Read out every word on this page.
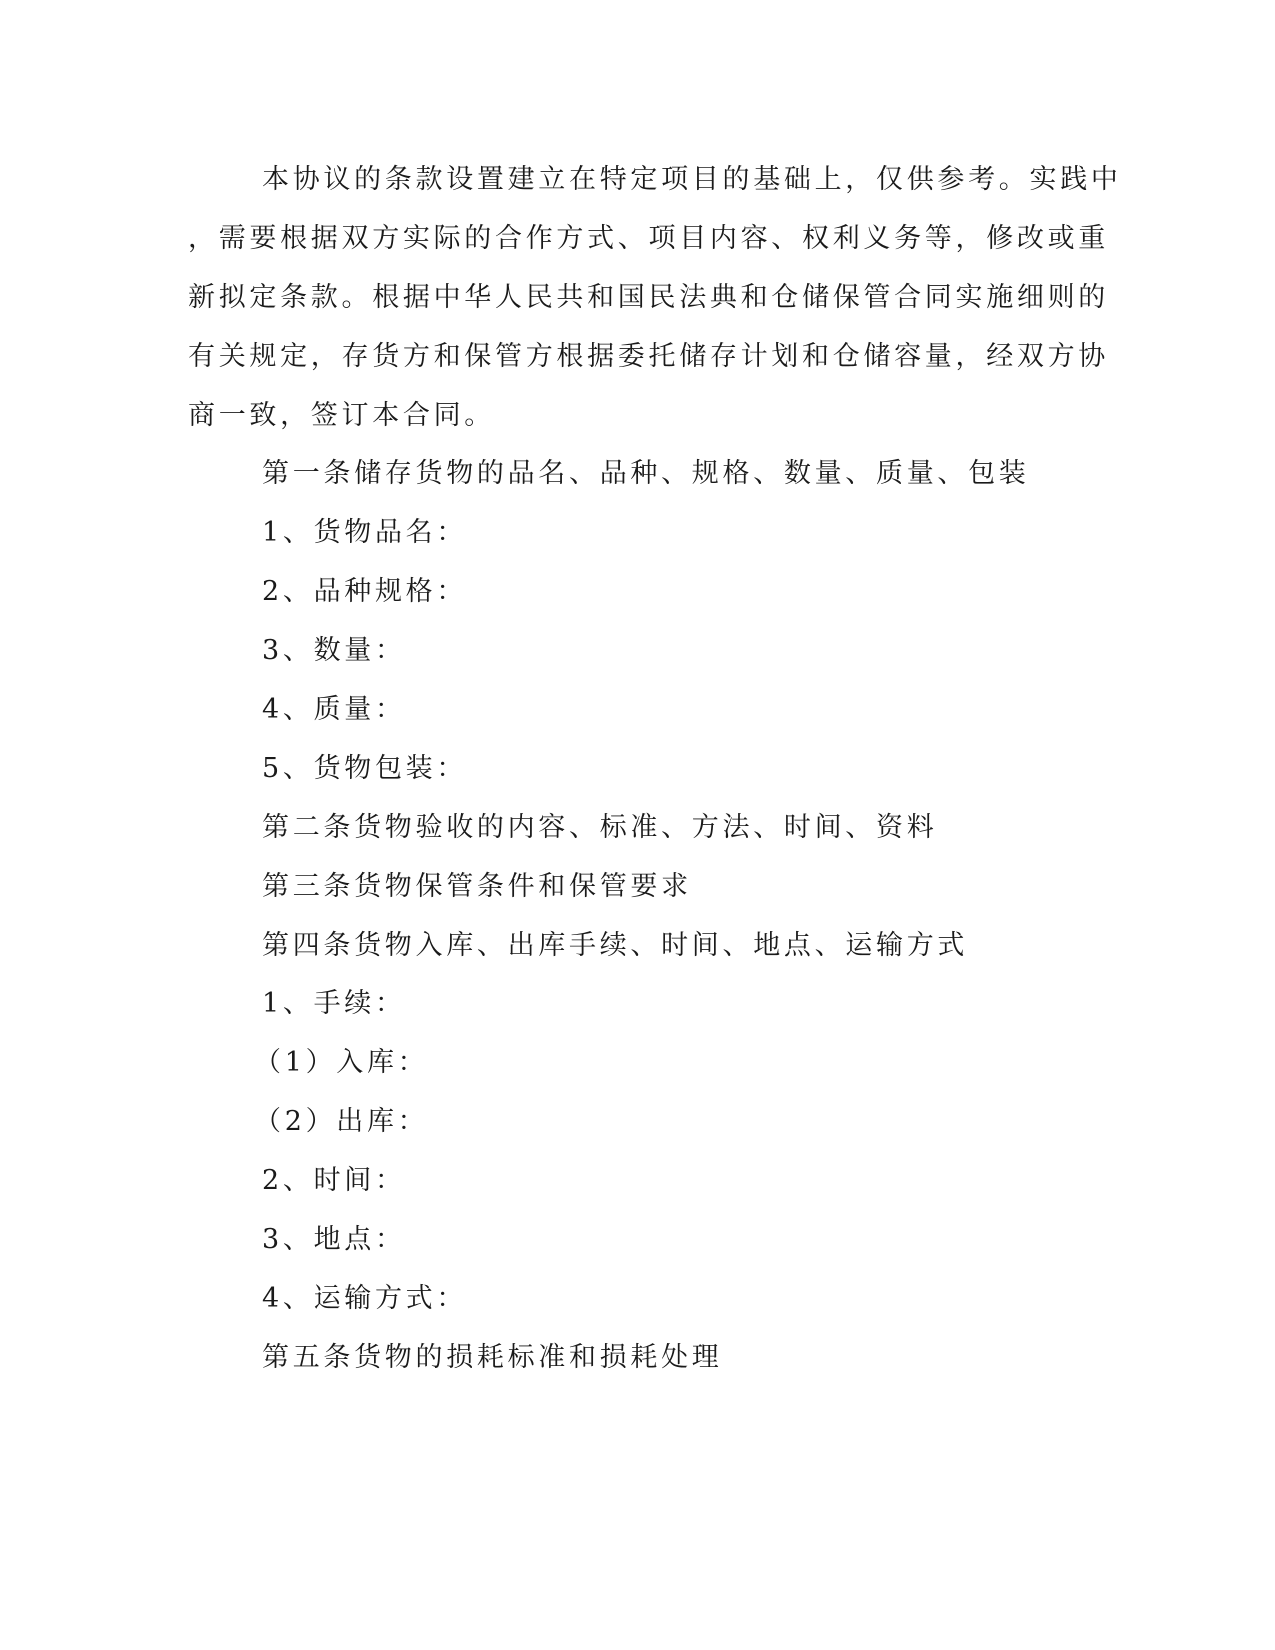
本协议的条款设置建立在特定项目的基础上，仅供参考。实践中
，需要根据双方实际的合作方式、项目内容、权利义务等，修改或重
新拟定条款。根据中华人民共和国民法典和仓储保管合同实施细则的
有关规定，存货方和保管方根据委托储存计划和仓储容量，经双方协
商一致，签订本合同。
第一条储存货物的品名、品种、规格、数量、质量、包装
1、货物品名：
2、品种规格：
3、数量：
4、质量：
5、货物包装：
第二条货物验收的内容、标准、方法、时间、资料
第三条货物保管条件和保管要求
第四条货物入库、出库手续、时间、地点、运输方式
1、手续：
（1）入库：
（2）出库：
2、时间：
3、地点：
4、运输方式：
第五条货物的损耗标准和损耗处理
